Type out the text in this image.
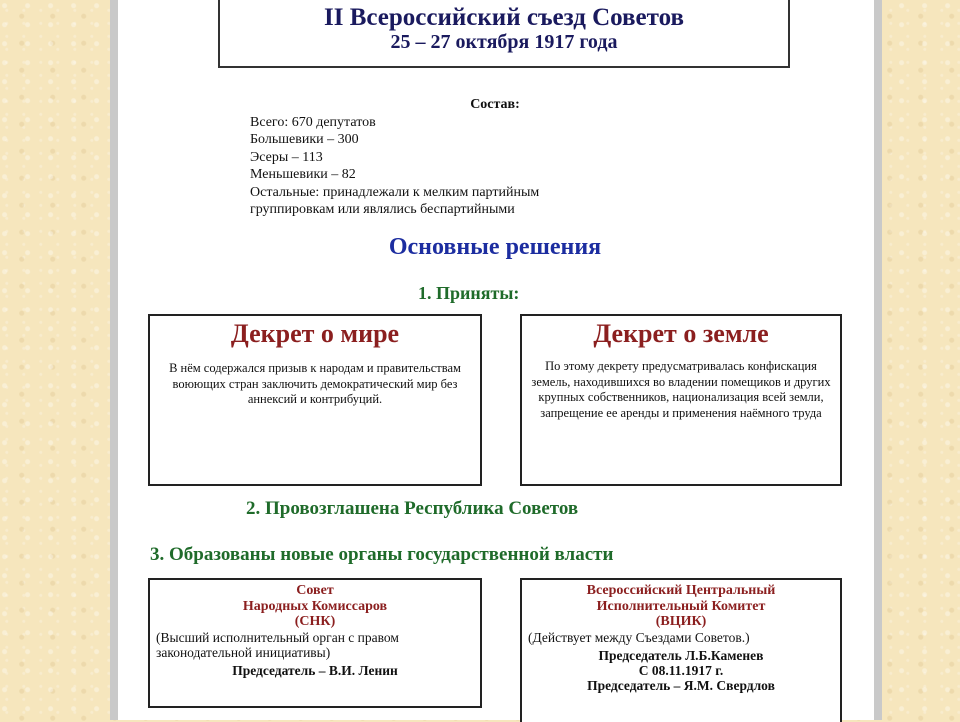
II Всероссийский съезд Советов
25 – 27 октября 1917 года
Состав:
Всего: 670 депутатов
Большевики – 300
Эсеры – 113
Меньшевики – 82
Остальные: принадлежали к мелким партийным
группировкам или являлись беспартийными
Основные решения
1. Приняты:
Декрет о мире
В нём содержался призыв к народам и правительствам воюющих стран заключить демократический мир без аннексий и контрибуций.
Декрет о земле
По этому декрету предусматривалась конфискация земель, находившихся во владении помещиков и других крупных собственников, национализация всей земли, запрещение ее аренды и применения наёмного труда
2. Провозглашена Республика Советов
3. Образованы новые органы государственной власти
Совет
Народных Комиссаров
(СНК)
(Высший исполнительный орган с правом законодательной инициативы)
Председатель – В.И. Ленин
Всероссийский Центральный
Исполнительный Комитет
(ВЦИК)
(Действует между Съездами Советов.)
Председатель Л.Б.Каменев
С 08.11.1917 г.
Председатель – Я.М. Свердлов
